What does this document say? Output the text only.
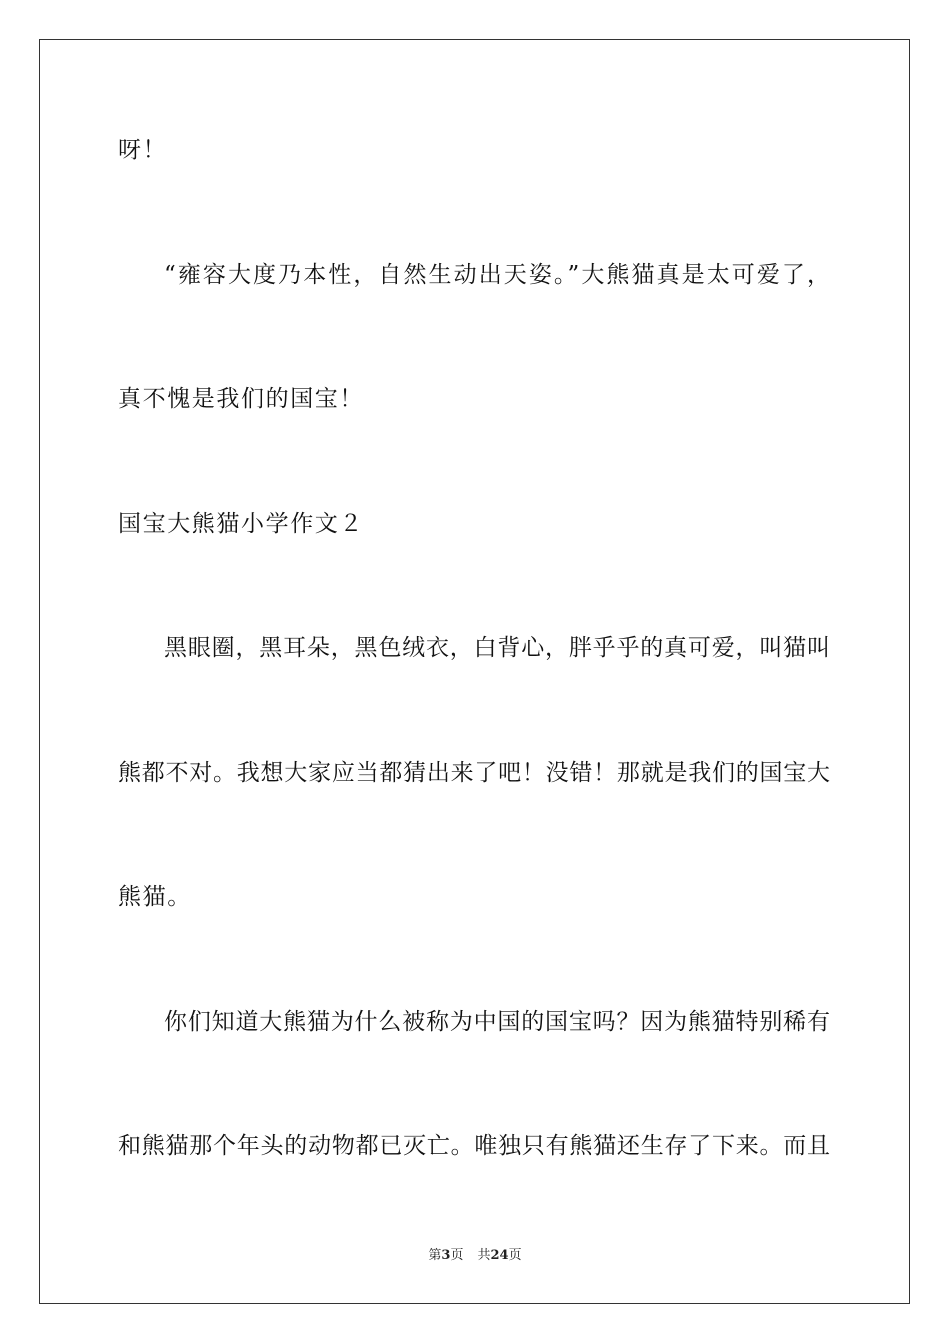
呀！
“雍容大度乃本性，自然生动出天姿。”大熊猫真是太可爱了，
真不愧是我们的国宝！
国宝大熊猫小学作文２
黑眼圈，黑耳朵，黑色绒衣，白背心，胖乎乎的真可爱，叫猫叫
熊都不对。我想大家应当都猜出来了吧！没错！那就是我们的国宝大
熊猫。
你们知道大熊猫为什么被称为中国的国宝吗？因为熊猫特别稀有
和熊猫那个年头的动物都已灭亡。唯独只有熊猫还生存了下来。而且
第3页 共24页
